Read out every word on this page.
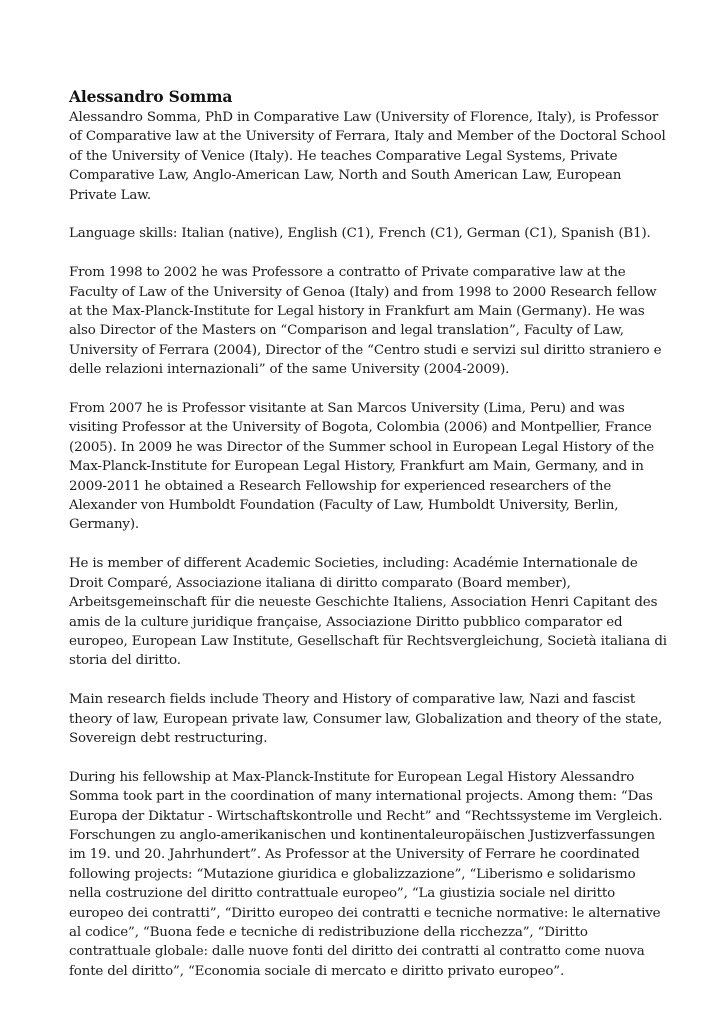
Alessandro Somma

Alessandro Somma, PhD in Comparative Law (University of Florence, Italy), is Professor of Comparative law at the University of Ferrara, Italy and Member of the Doctoral School of the University of Venice (Italy). He teaches Comparative Legal Systems, Private Comparative Law, Anglo-American Law, North and South American Law, European Private Law.

Language skills: Italian (native), English (C1), French (C1), German (C1), Spanish (B1).

From 1998 to 2002 he was Professore a contratto of Private comparative law at the Faculty of Law of the University of Genoa (Italy) and from 1998 to 2000 Research fellow at the Max-Planck-Institute for Legal history in Frankfurt am Main (Germany). He was also Director of the Masters on “Comparison and legal translation”, Faculty of Law, University of Ferrara (2004), Director of the “Centro studi e servizi sul diritto straniero e delle relazioni internazionali” of the same University (2004-2009).

From 2007 he is Professor visitante at San Marcos University (Lima, Peru) and was visiting Professor at the University of Bogota, Colombia (2006) and Montpellier, France (2005). In 2009 he was Director of the Summer school in European Legal History of the Max-Planck-Institute for European Legal History, Frankfurt am Main, Germany, and in 2009-2011 he obtained a Research Fellowship for experienced researchers of the Alexander von Humboldt Foundation (Faculty of Law, Humboldt University, Berlin, Germany).

He is member of different Academic Societies, including: Académie Internationale de Droit Comparé, Associazione italiana di diritto comparato (Board member), Arbeitsgemeinschaft für die neueste Geschichte Italiens, Association Henri Capitant des amis de la culture juridique française, Associazione Diritto pubblico comparator ed europeo, European Law Institute, Gesellschaft für Rechtsvergleichung, Società italiana di storia del diritto.

Main research fields include Theory and History of comparative law, Nazi and fascist theory of law, European private law, Consumer law, Globalization and theory of the state, Sovereign debt restructuring.

During his fellowship at Max-Planck-Institute for European Legal History Alessandro Somma took part in the coordination of many international projects. Among them: “Das Europa der Diktatur - Wirtschaftskontrolle und Recht” and “Rechtssysteme im Vergleich. Forschungen zu anglo-amerikanischen und kontinentaleuropäischen Justizverfassungen im 19. und 20. Jahrhundert”. As Professor at the University of Ferrare he coordinated following projects: “Mutazione giuridica e globalizzazione”, “Liberismo e solidarismo nella costruzione del diritto contrattuale europeo”, “La giustizia sociale nel diritto europeo dei contratti”, “Diritto europeo dei contratti e tecniche normative: le alternative al codice”, “Buona fede e tecniche di redistribuzione della ricchezza”, “Diritto contrattuale globale: dalle nuove fonti del diritto dei contratti al contratto come nuova fonte del diritto”, “Economia sociale di mercato e diritto privato europeo”.
